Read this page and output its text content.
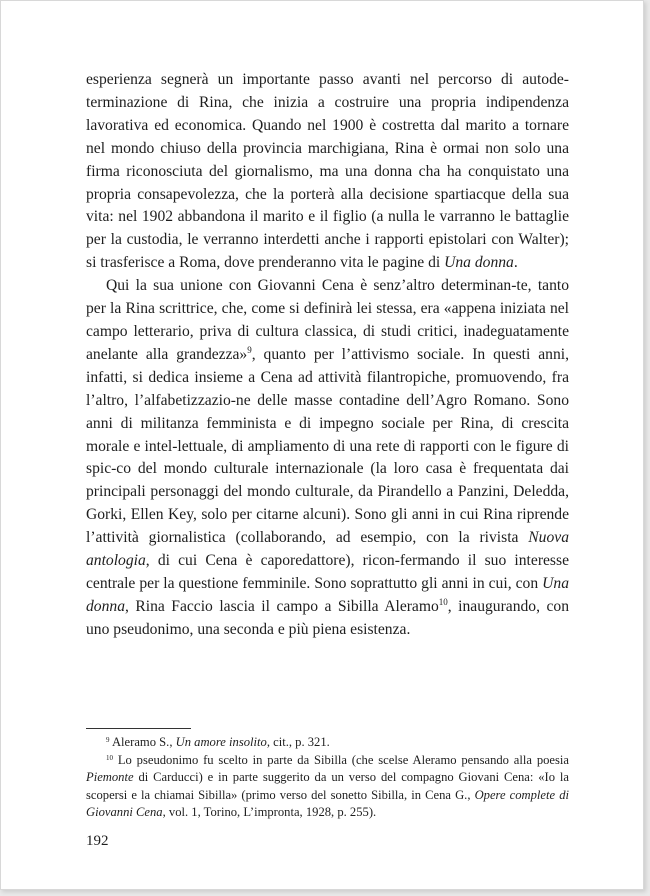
esperienza segnerà un importante passo avanti nel percorso di autode-terminazione di Rina, che inizia a costruire una propria indipendenza lavorativa ed economica. Quando nel 1900 è costretta dal marito a tornare nel mondo chiuso della provincia marchigiana, Rina è ormai non solo una firma riconosciuta del giornalismo, ma una donna cha ha conquistato una propria consapevolezza, che la porterà alla decisione spartiacque della sua vita: nel 1902 abbandona il marito e il figlio (a nulla le varranno le battaglie per la custodia, le verranno interdetti anche i rapporti epistolari con Walter); si trasferisce a Roma, dove prenderanno vita le pagine di Una donna.

Qui la sua unione con Giovanni Cena è senz’altro determinan-te, tanto per la Rina scrittrice, che, come si definirà lei stessa, era «appena iniziata nel campo letterario, priva di cultura classica, di studi critici, inadeguatamente anelante alla grandezza»$^9$, quanto per l’attivismo sociale. In questi anni, infatti, si dedica insieme a Cena ad attività filantropiche, promuovendo, fra l’altro, l’alfabetizzazio-ne delle masse contadine dell’Agro Romano. Sono anni di militanza femminista e di impegno sociale per Rina, di crescita morale e intel-lettuale, di ampliamento di una rete di rapporti con le figure di spic-co del mondo culturale internazionale (la loro casa è frequentata dai principali personaggi del mondo culturale, da Pirandello a Panzini, Deledda, Gorki, Ellen Key, solo per citarne alcuni). Sono gli anni in cui Rina riprende l’attività giornalistica (collaborando, ad esempio, con la rivista Nuova antologia, di cui Cena è caporedattore), ricon-fermando il suo interesse centrale per la questione femminile. Sono soprattutto gli anni in cui, con Una donna, Rina Faccio lascia il campo a Sibilla Aleramo$^{10}$, inaugurando, con uno pseudonimo, una seconda e più piena esistenza.

$^9$ Aleramo S., Un amore insolito, cit., p. 321.

$^{10}$ Lo pseudonimo fu scelto in parte da Sibilla (che scelse Aleramo pensando alla poesia Piemonte di Carducci) e in parte suggerito da un verso del compagno Giovani Cena: «Io la scopersi e la chiamai Sibilla» (primo verso del sonetto Sibilla, in Cena G., Opere complete di Giovanni Cena, vol. 1, Torino, L’impronta, 1928, p. 255).

192
